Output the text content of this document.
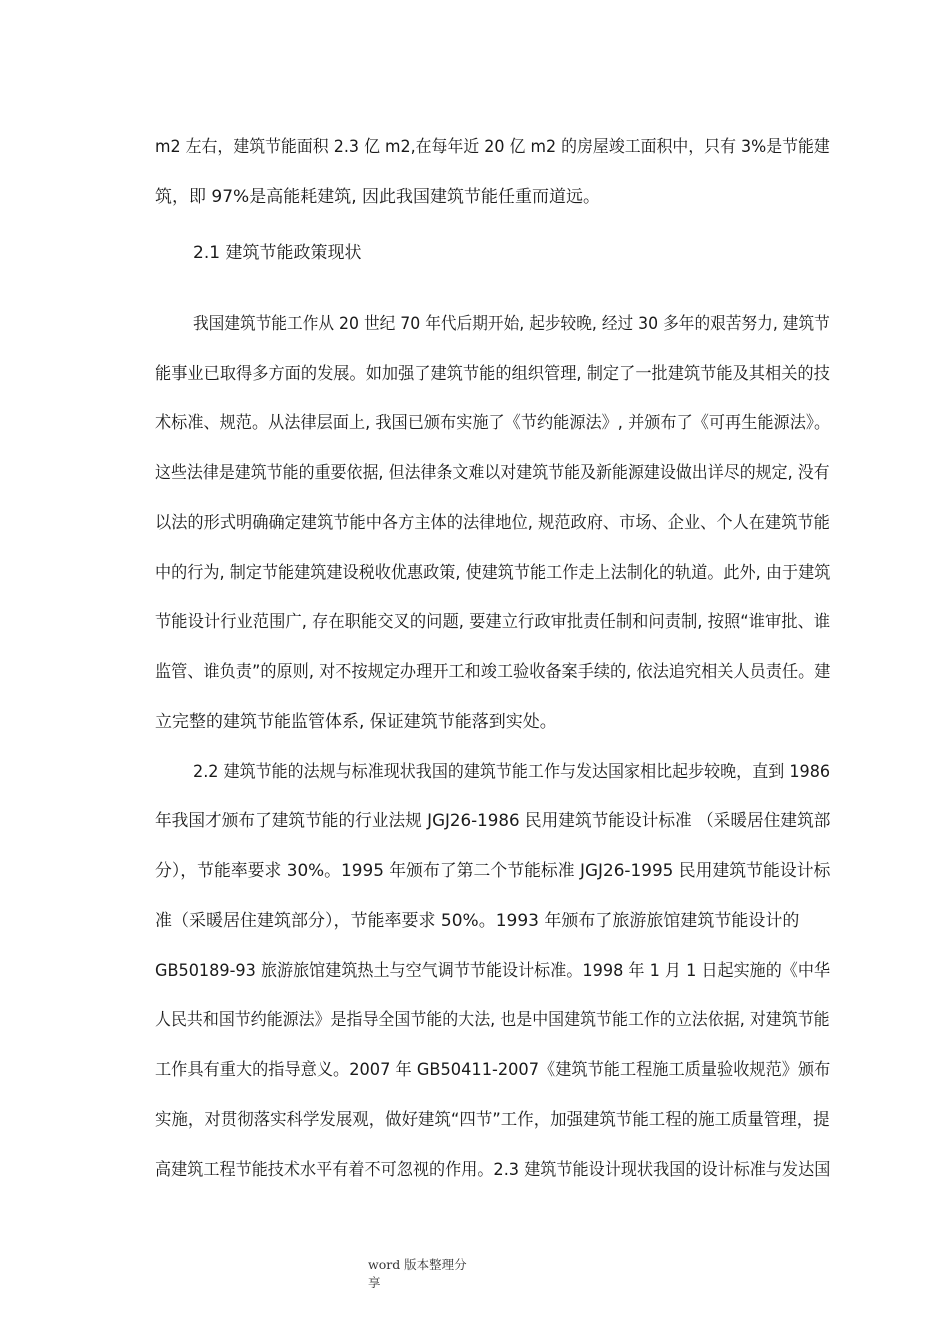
m2 左右，建筑节能面积 2.3 亿 m2,在每年近 20 亿 m2 的房屋竣工面积中，只有 3%是节能建
筑，即 97%是高能耗建筑, 因此我国建筑节能任重而道远。
2.1 建筑节能政策现状
我国建筑节能工作从 20 世纪 70 年代后期开始, 起步较晚, 经过 30 多年的艰苦努力, 建筑节
能事业已取得多方面的发展。如加强了建筑节能的组织管理, 制定了一批建筑节能及其相关的技
术标准、规范。从法律层面上, 我国已颁布实施了《节约能源法》, 并颁布了《可再生能源法》。
这些法律是建筑节能的重要依据, 但法律条文难以对建筑节能及新能源建设做出详尽的规定, 没有
以法的形式明确确定建筑节能中各方主体的法律地位, 规范政府、市场、企业、个人在建筑节能
中的行为, 制定节能建筑建设税收优惠政策, 使建筑节能工作走上法制化的轨道。此外, 由于建筑
节能设计行业范围广, 存在职能交叉的问题, 要建立行政审批责任制和问责制, 按照“谁审批、谁
监管、谁负责”的原则, 对不按规定办理开工和竣工验收备案手续的, 依法追究相关人员责任。建
立完整的建筑节能监管体系, 保证建筑节能落到实处。
2.2 建筑节能的法规与标准现状我国的建筑节能工作与发达国家相比起步较晚，直到 1986
年我国才颁布了建筑节能的行业法规 JGJ26-1986 民用建筑节能设计标准 （采暖居住建筑部
分），节能率要求 30%。1995 年颁布了第二个节能标准 JGJ26-1995 民用建筑节能设计标
准（采暖居住建筑部分），节能率要求 50%。1993 年颁布了旅游旅馆建筑节能设计的
GB50189-93 旅游旅馆建筑热土与空气调节节能设计标准。1998 年 1 月 1 日起实施的《中华
人民共和国节约能源法》是指导全国节能的大法, 也是中国建筑节能工作的立法依据, 对建筑节能
工作具有重大的指导意义。2007 年 GB50411-2007《建筑节能工程施工质量验收规范》颁布
实施，对贯彻落实科学发展观，做好建筑“四节”工作，加强建筑节能工程的施工质量管理，提
高建筑工程节能技术水平有着不可忽视的作用。2.3 建筑节能设计现状我国的设计标准与发达国
word 版本整理分
享
